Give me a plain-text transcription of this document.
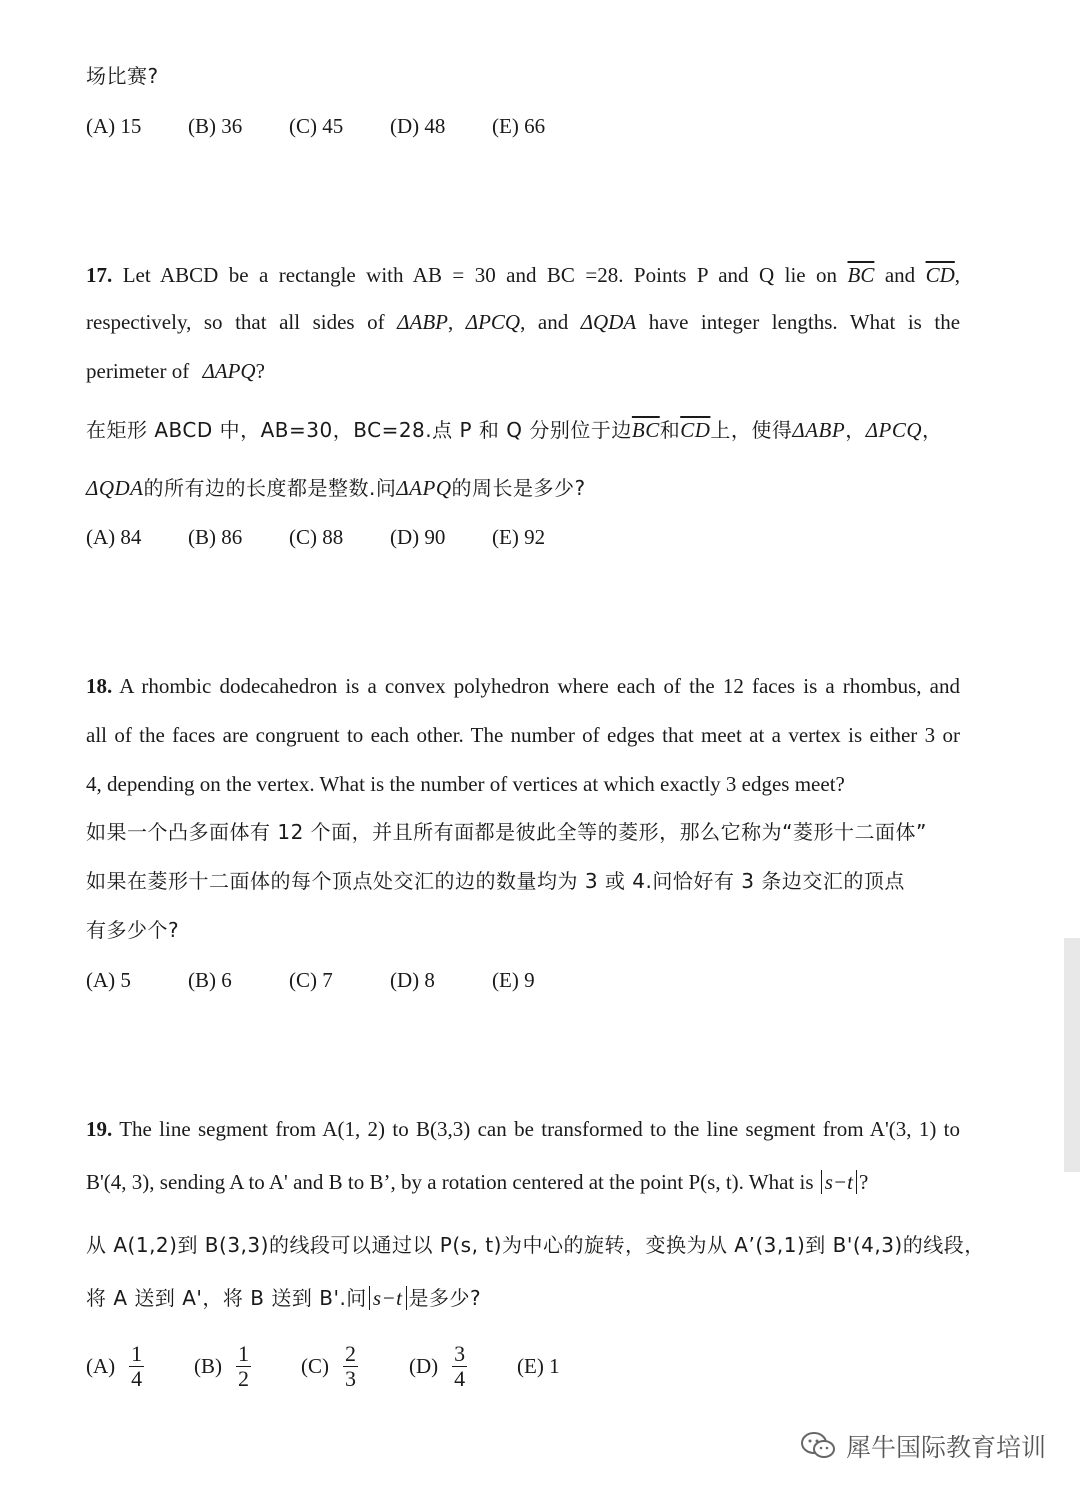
场比赛?
(A) 15 (B) 36 (C) 45 (D) 48 (E) 66
17. Let ABCD be a rectangle with AB = 30 and BC =28. Points P and Q lie on $\overline{BC}$ and $\overline{CD}$,
respectively, so that all sides of ΔABP, ΔPCQ, and ΔQDA have integer lengths. What is the
perimeter of ΔAPQ?
在矩形 ABCD 中，AB=30，BC=28.点 P 和 Q 分别位于边$\overline{BC}$和$\overline{CD}$上，使得ΔABP，ΔPCQ，
ΔQDA的所有边的长度都是整数.问ΔAPQ的周长是多少?
(A) 84 (B) 86 (C) 88 (D) 90 (E) 92
18. A rhombic dodecahedron is a convex polyhedron where each of the 12 faces is a rhombus, and
all of the faces are congruent to each other. The number of edges that meet at a vertex is either 3 or
4, depending on the vertex. What is the number of vertices at which exactly 3 edges meet?
如果一个凸多面体有 12 个面，并且所有面都是彼此全等的菱形，那么它称为“菱形十二面体”
如果在菱形十二面体的每个顶点处交汇的边的数量均为 3 或 4.问恰好有 3 条边交汇的顶点
有多少个?
(A) 5	(B) 6	(C) 7	(D) 8	(E) 9
19. The line segment from A(1, 2) to B(3,3) can be transformed to the line segment from A'(3, 1) to
B'(4, 3), sending A to A' and B to B’, by a rotation centered at the point P(s, t). What is s−t ?
从 A(1,2)到 B(3,3)的线段可以通过以 P(s, t)为中心的旋转，变换为从 A’(3,1)到 B'(4,3)的线段，
将 A 送到 A'，将 B 送到 B'.问 s−t 是多少?
$(A) \frac{1}{4} (B) \frac{1}{2} (C) \frac{2}{3} (D) \frac{3}{4} (E)$ 1
犀牛国际教育培训
